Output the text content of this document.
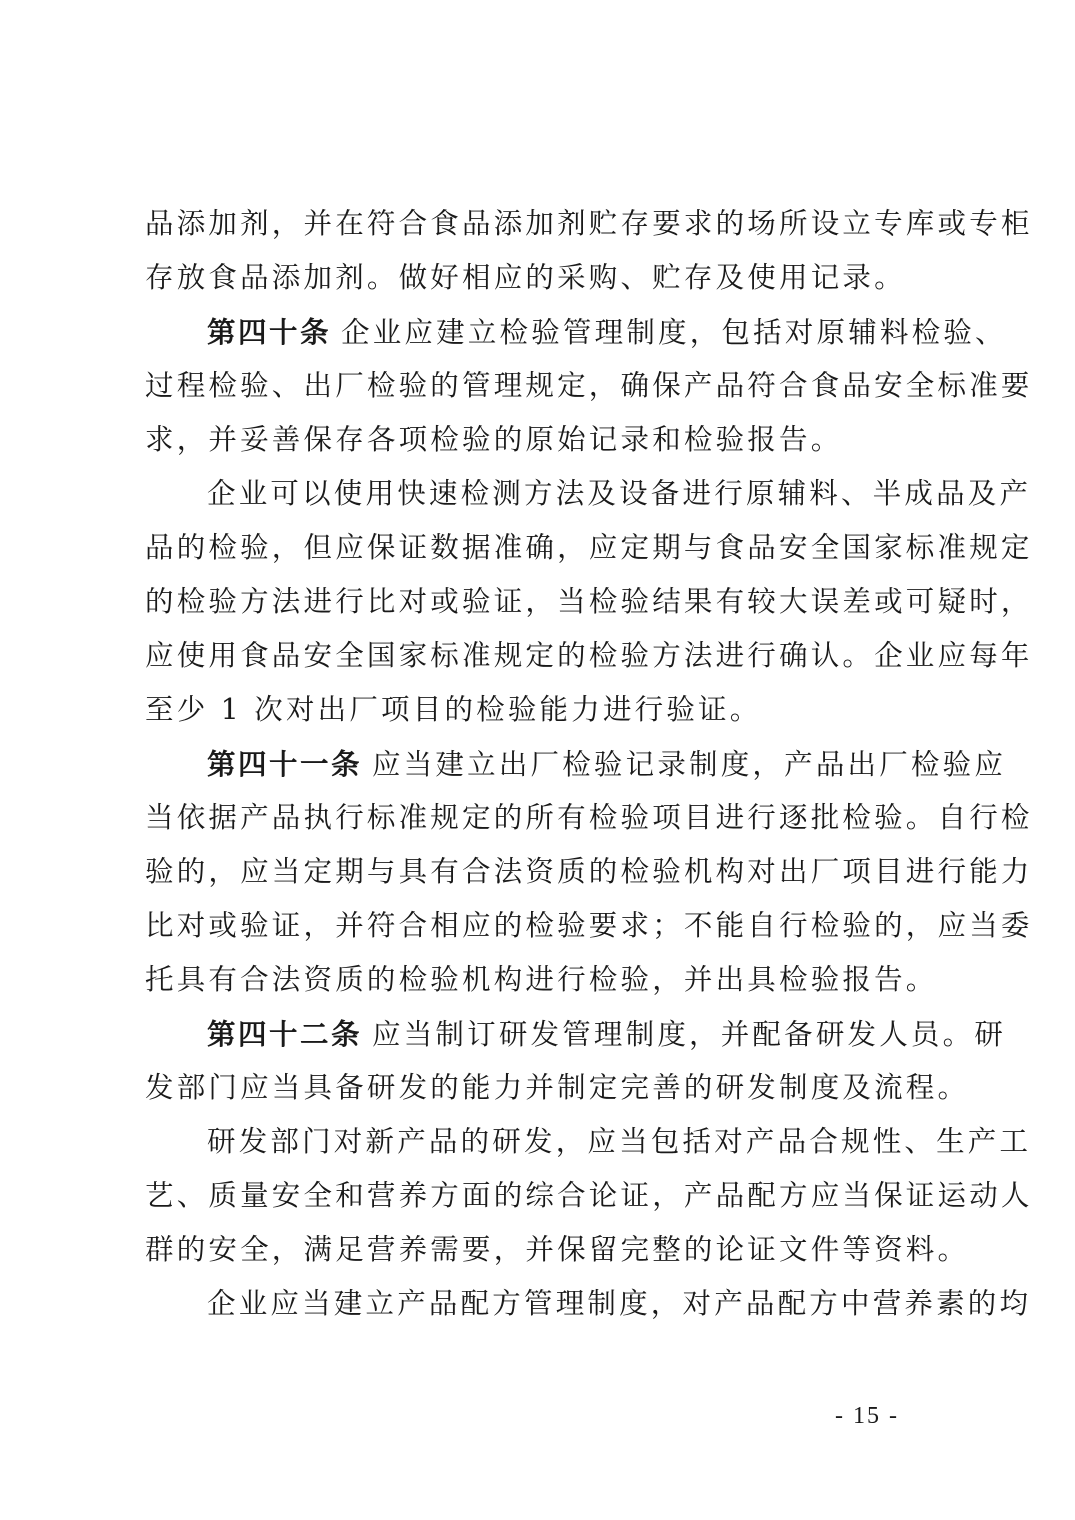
品添加剂，并在符合食品添加剂贮存要求的场所设立专库或专柜
存放食品添加剂。做好相应的采购、贮存及使用记录。
第四十条 企业应建立检验管理制度，包括对原辅料检验、
过程检验、出厂检验的管理规定，确保产品符合食品安全标准要
求，并妥善保存各项检验的原始记录和检验报告。
企业可以使用快速检测方法及设备进行原辅料、半成品及产
品的检验，但应保证数据准确，应定期与食品安全国家标准规定
的检验方法进行比对或验证，当检验结果有较大误差或可疑时，
应使用食品安全国家标准规定的检验方法进行确认。企业应每年
至少 1 次对出厂项目的检验能力进行验证。
第四十一条 应当建立出厂检验记录制度，产品出厂检验应
当依据产品执行标准规定的所有检验项目进行逐批检验。自行检
验的，应当定期与具有合法资质的检验机构对出厂项目进行能力
比对或验证，并符合相应的检验要求；不能自行检验的，应当委
托具有合法资质的检验机构进行检验，并出具检验报告。
第四十二条 应当制订研发管理制度，并配备研发人员。研
发部门应当具备研发的能力并制定完善的研发制度及流程。
研发部门对新产品的研发，应当包括对产品合规性、生产工
艺、质量安全和营养方面的综合论证，产品配方应当保证运动人
群的安全，满足营养需要，并保留完整的论证文件等资料。
企业应当建立产品配方管理制度，对产品配方中营养素的均
- 15 -
